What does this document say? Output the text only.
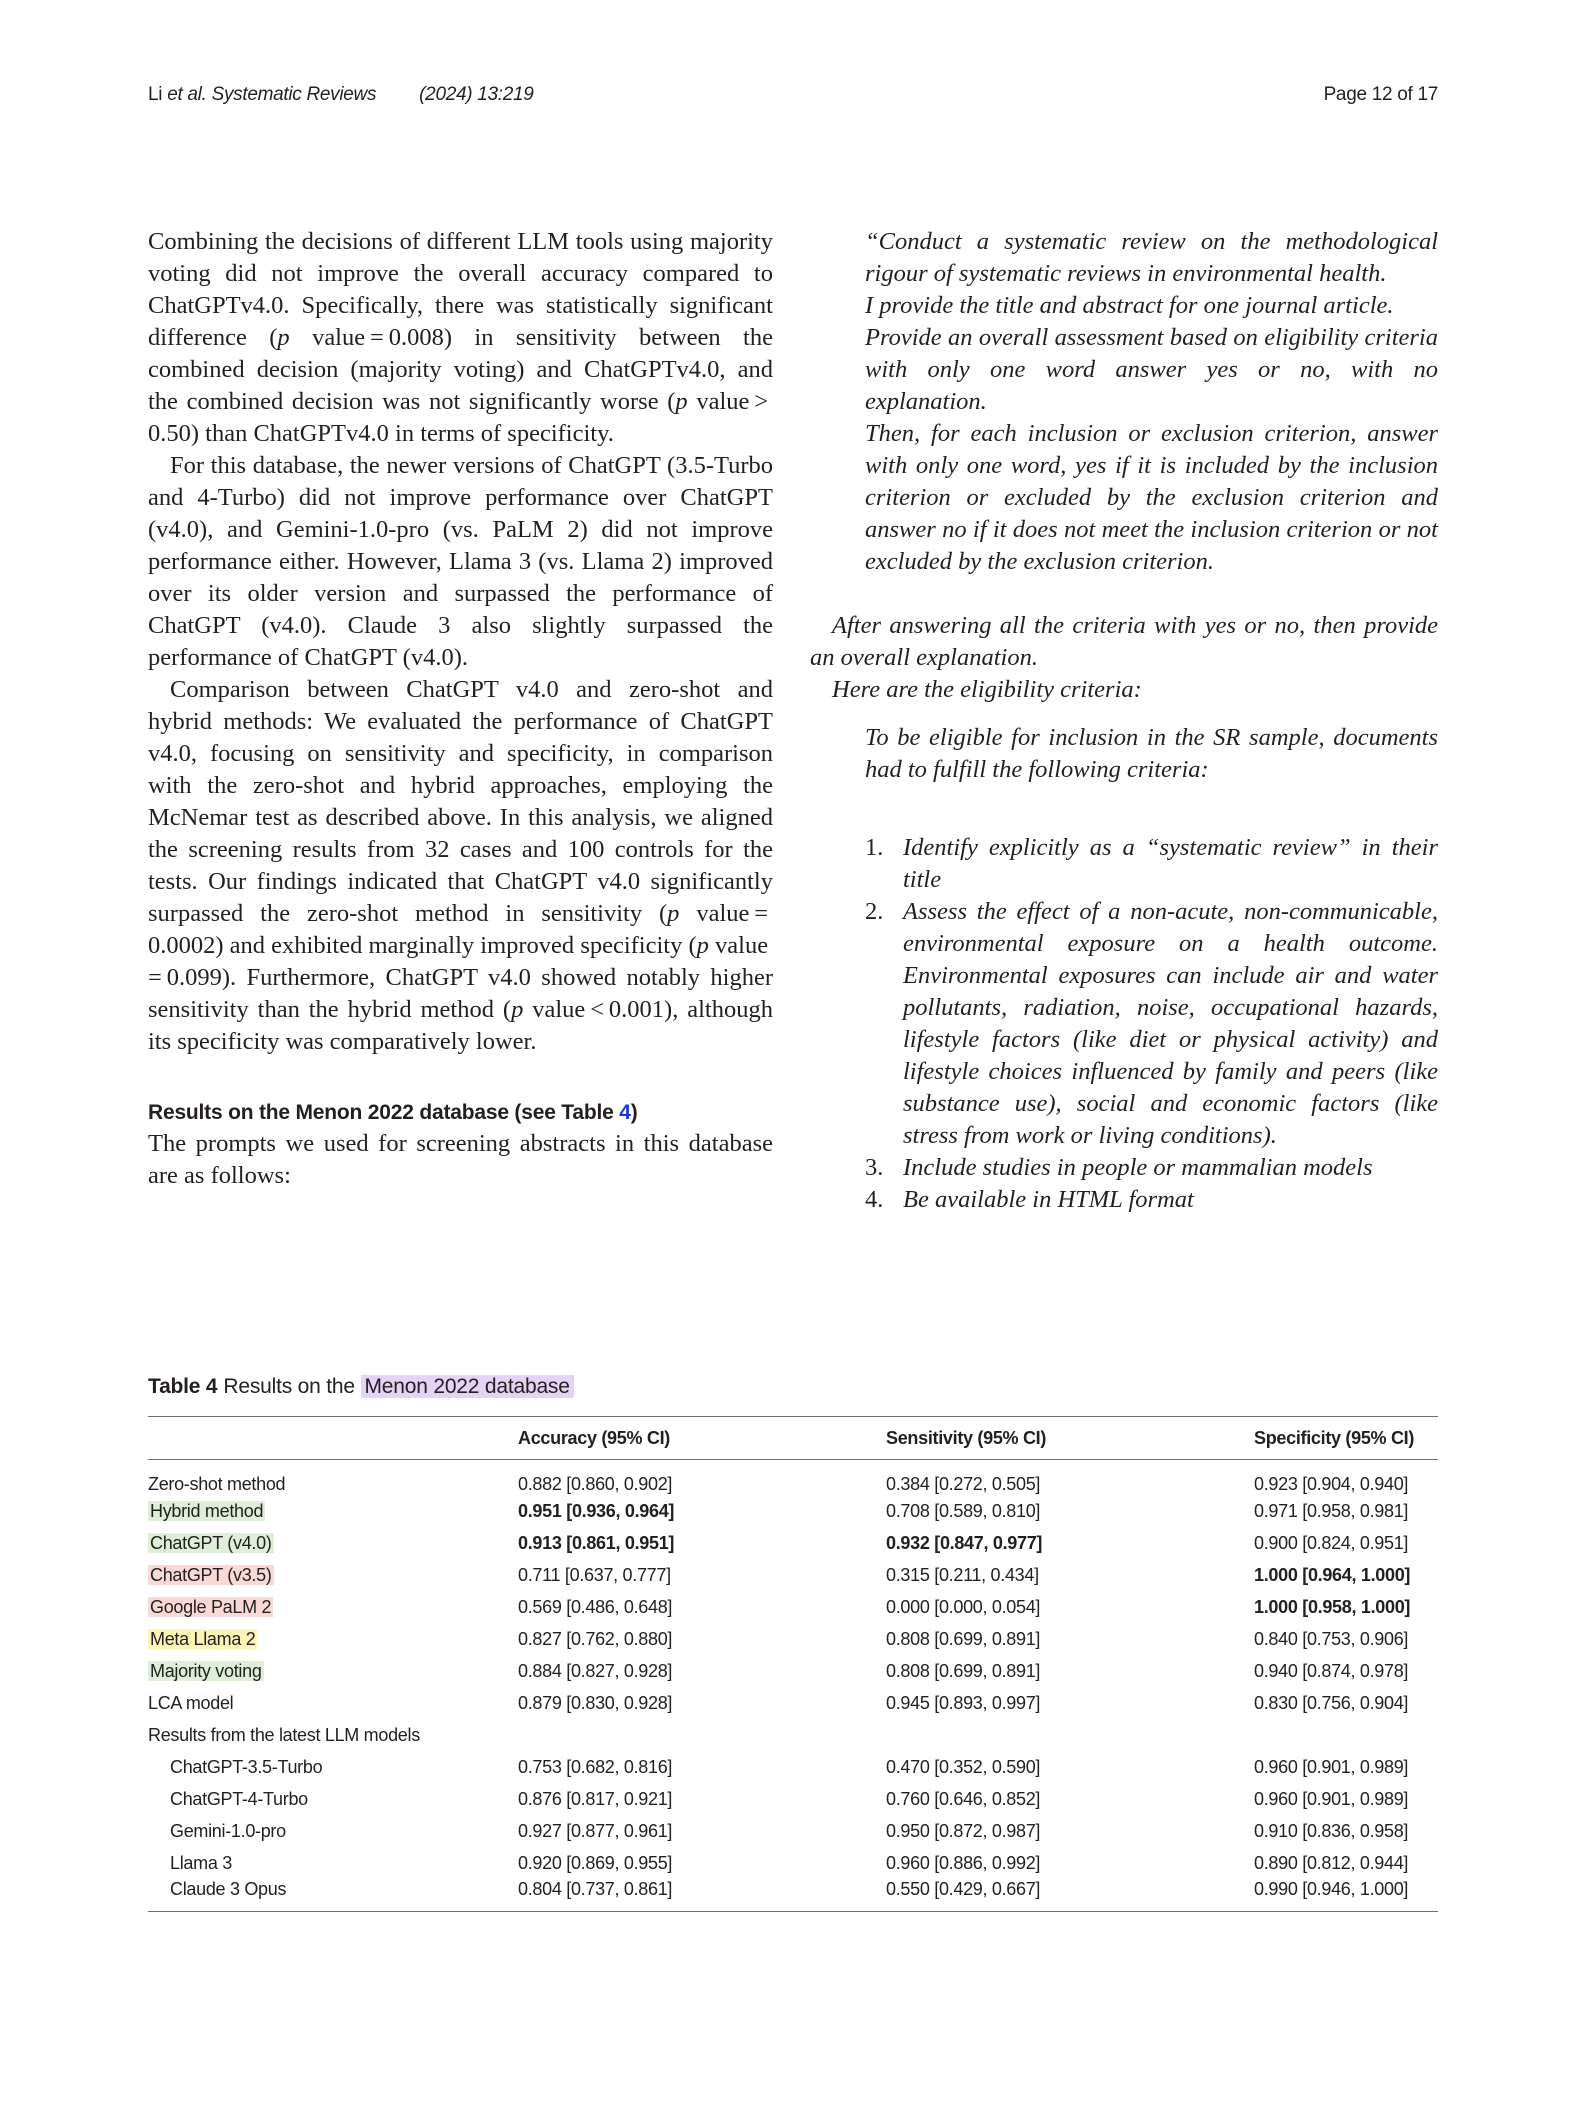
Li et al. Systematic Reviews (2024) 13:219	Page 12 of 17

Combining the decisions of different LLM tools using majority voting did not improve the overall accuracy compared to ChatGPTv4.0. Specifically, there was statistically significant difference (p value = 0.008) in sensitivity between the combined decision (majority voting) and ChatGPTv4.0, and the combined decision was not significantly worse (p value > 0.50) than ChatGPTv4.0 in terms of specificity.

For this database, the newer versions of ChatGPT (3.5-Turbo and 4-Turbo) did not improve performance over ChatGPT (v4.0), and Gemini-1.0-pro (vs. PaLM 2) did not improve performance either. However, Llama 3 (vs. Llama 2) improved over its older version and surpassed the performance of ChatGPT (v4.0). Claude 3 also slightly surpassed the performance of ChatGPT (v4.0).

Comparison between ChatGPT v4.0 and zero-shot and hybrid methods: We evaluated the performance of ChatGPT v4.0, focusing on sensitivity and specificity, in comparison with the zero-shot and hybrid approaches, employing the McNemar test as described above. In this analysis, we aligned the screening results from 32 cases and 100 controls for the tests. Our findings indicated that ChatGPT v4.0 significantly surpassed the zero-shot method in sensitivity (p value = 0.0002) and exhibited marginally improved specificity (p value = 0.099). Furthermore, ChatGPT v4.0 showed notably higher sensitivity than the hybrid method (p value < 0.001), although its specificity was comparatively lower.

Results on the Menon 2022 database (see Table 4)

The prompts we used for screening abstracts in this database are as follows:

“Conduct a systematic review on the methodological rigour of systematic reviews in environmental health.

I provide the title and abstract for one journal article.

Provide an overall assessment based on eligibility criteria with only one word answer yes or no, with no explanation.

Then, for each inclusion or exclusion criterion, answer with only one word, yes if it is included by the inclusion criterion or excluded by the exclusion criterion and answer no if it does not meet the inclusion criterion or not excluded by the exclusion criterion.

After answering all the criteria with yes or no, then provide an overall explanation.

Here are the eligibility criteria:

To be eligible for inclusion in the SR sample, documents had to fulfill the following criteria:

1. Identify explicitly as a “systematic review” in their title
2. Assess the effect of a non-acute, non-communicable, environmental exposure on a health outcome. Environmental exposures can include air and water pollutants, radiation, noise, occupational hazards, lifestyle factors (like diet or physical activity) and lifestyle choices influenced by family and peers (like substance use), social and economic factors (like stress from work or living conditions).
3. Include studies in people or mammalian models
4. Be available in HTML format
Table 4 Results on the Menon 2022 database
	Accuracy (95% CI)	Sensitivity (95% CI)	Specificity (95% CI)
Zero-shot method	0.882 [0.860, 0.902]	0.384 [0.272, 0.505]	0.923 [0.904, 0.940]
Hybrid method	0.951 [0.936, 0.964]	0.708 [0.589, 0.810]	0.971 [0.958, 0.981]
ChatGPT (v4.0)	0.913 [0.861, 0.951]	0.932 [0.847, 0.977]	0.900 [0.824, 0.951]
ChatGPT (v3.5)	0.711 [0.637, 0.777]	0.315 [0.211, 0.434]	1.000 [0.964, 1.000]
Google PaLM 2	0.569 [0.486, 0.648]	0.000 [0.000, 0.054]	1.000 [0.958, 1.000]
Meta Llama 2	0.827 [0.762, 0.880]	0.808 [0.699, 0.891]	0.840 [0.753, 0.906]
Majority voting	0.884 [0.827, 0.928]	0.808 [0.699, 0.891]	0.940 [0.874, 0.978]
LCA model	0.879 [0.830, 0.928]	0.945 [0.893, 0.997]	0.830 [0.756, 0.904]
Results from the latest LLM models			
ChatGPT-3.5-Turbo	0.753 [0.682, 0.816]	0.470 [0.352, 0.590]	0.960 [0.901, 0.989]
ChatGPT-4-Turbo	0.876 [0.817, 0.921]	0.760 [0.646, 0.852]	0.960 [0.901, 0.989]
Gemini-1.0-pro	0.927 [0.877, 0.961]	0.950 [0.872, 0.987]	0.910 [0.836, 0.958]
Llama 3	0.920 [0.869, 0.955]	0.960 [0.886, 0.992]	0.890 [0.812, 0.944]
Claude 3 Opus	0.804 [0.737, 0.861]	0.550 [0.429, 0.667]	0.990 [0.946, 1.000]
